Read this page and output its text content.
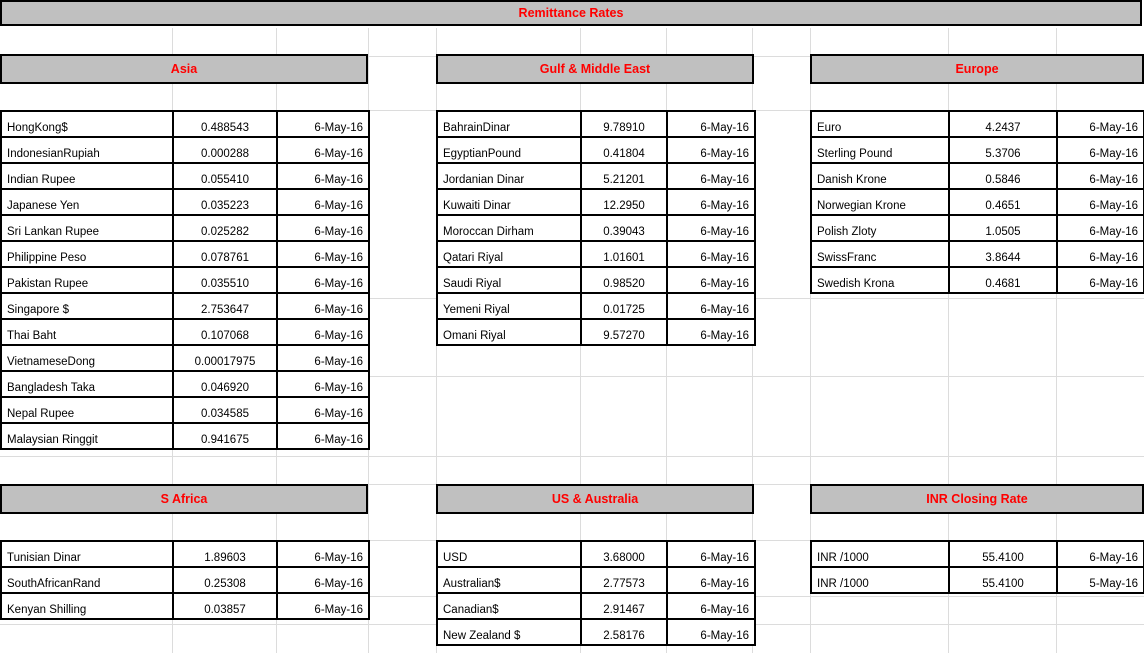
Remittance Rates
Asia	Gulf & Middle East	Europe
S Africa	US & Australia	INR Closing Rate
HongKong$	0.488543	6-May-16
IndonesianRupiah	0.000288	6-May-16
Indian Rupee	0.055410	6-May-16
Japanese Yen	0.035223	6-May-16
Sri Lankan Rupee	0.025282	6-May-16
Philippine Peso	0.078761	6-May-16
Pakistan Rupee	0.035510	6-May-16
Singapore $	2.753647	6-May-16
Thai Baht	0.107068	6-May-16
VietnameseDong	0.00017975	6-May-16
Bangladesh Taka	0.046920	6-May-16
Nepal Rupee	0.034585	6-May-16
Malaysian Ringgit	0.941675	6-May-16
BahrainDinar	9.78910	6-May-16
EgyptianPound	0.41804	6-May-16
Jordanian Dinar	5.21201	6-May-16
Kuwaiti Dinar	12.2950	6-May-16
Moroccan Dirham	0.39043	6-May-16
Qatari Riyal	1.01601	6-May-16
Saudi Riyal	0.98520	6-May-16
Yemeni Riyal	0.01725	6-May-16
Omani Riyal	9.57270	6-May-16
Euro	4.2437	6-May-16
Sterling Pound	5.3706	6-May-16
Danish Krone	0.5846	6-May-16
Norwegian Krone	0.4651	6-May-16
Polish Zloty	1.0505	6-May-16
SwissFranc	3.8644	6-May-16
Swedish Krona	0.4681	6-May-16
Tunisian Dinar	1.89603	6-May-16
SouthAfricanRand	0.25308	6-May-16
Kenyan Shilling	0.03857	6-May-16
USD	3.68000	6-May-16
Australian$	2.77573	6-May-16
Canadian$	2.91467	6-May-16
New Zealand $	2.58176	6-May-16
INR /1000	55.4100	6-May-16
INR /1000	55.4100	5-May-16
